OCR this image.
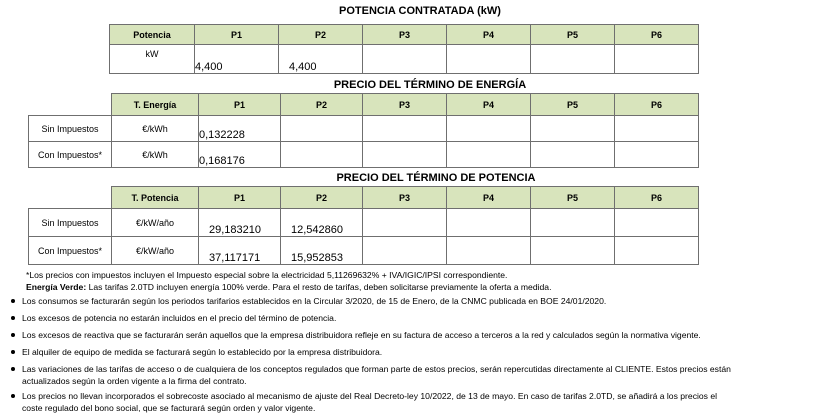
POTENCIA CONTRATADA (kW)
Potencia	P1	P2	P3	P4	P5	P6
kW	4,400	4,400				
PRECIO DEL TÉRMINO DE ENERGÍA
	T. Energía	P1	P2	P3	P4	P5	P6
Sin Impuestos	€/kWh	0,132228					
Con Impuestos*	€/kWh	0,168176					
PRECIO DEL TÉRMINO DE POTENCIA
	T. Potencia	P1	P2	P3	P4	P5	P6
Sin Impuestos	€/kW/año	29,183210	12,542860				
Con Impuestos*	€/kW/año	37,117171	15,952853				
*Los precios con impuestos incluyen el Impuesto especial sobre la electricidad 5,11269632% + IVA/IGIC/IPSI correspondiente.
Energía Verde: Las tarifas 2.0TD incluyen energía 100% verde. Para el resto de tarifas, deben solicitarse previamente la oferta a medida.
Los consumos se facturarán según los periodos tarifarios establecidos en la Circular 3/2020, de 15 de Enero, de la CNMC publicada en BOE 24/01/2020.
Los excesos de potencia no estarán incluidos en el precio del término de potencia.
Los excesos de reactiva que se facturarán serán aquellos que la empresa distribuidora refleje en su factura de acceso a terceros a la red y calculados según la normativa vigente.
El alquiler de equipo de medida se facturará según lo establecido por la empresa distribuidora.
Las variaciones de las tarifas de acceso o de cualquiera de los conceptos regulados que forman parte de estos precios, serán repercutidas directamente al CLIENTE. Estos precios están
actualizados según la orden vigente a la firma del contrato.
Los precios no llevan incorporados el sobrecoste asociado al mecanismo de ajuste del Real Decreto-ley 10/2022, de 13 de mayo. En caso de tarifas 2.0TD, se añadirá a los precios el
coste regulado del bono social, que se facturará según orden y valor vigente.
